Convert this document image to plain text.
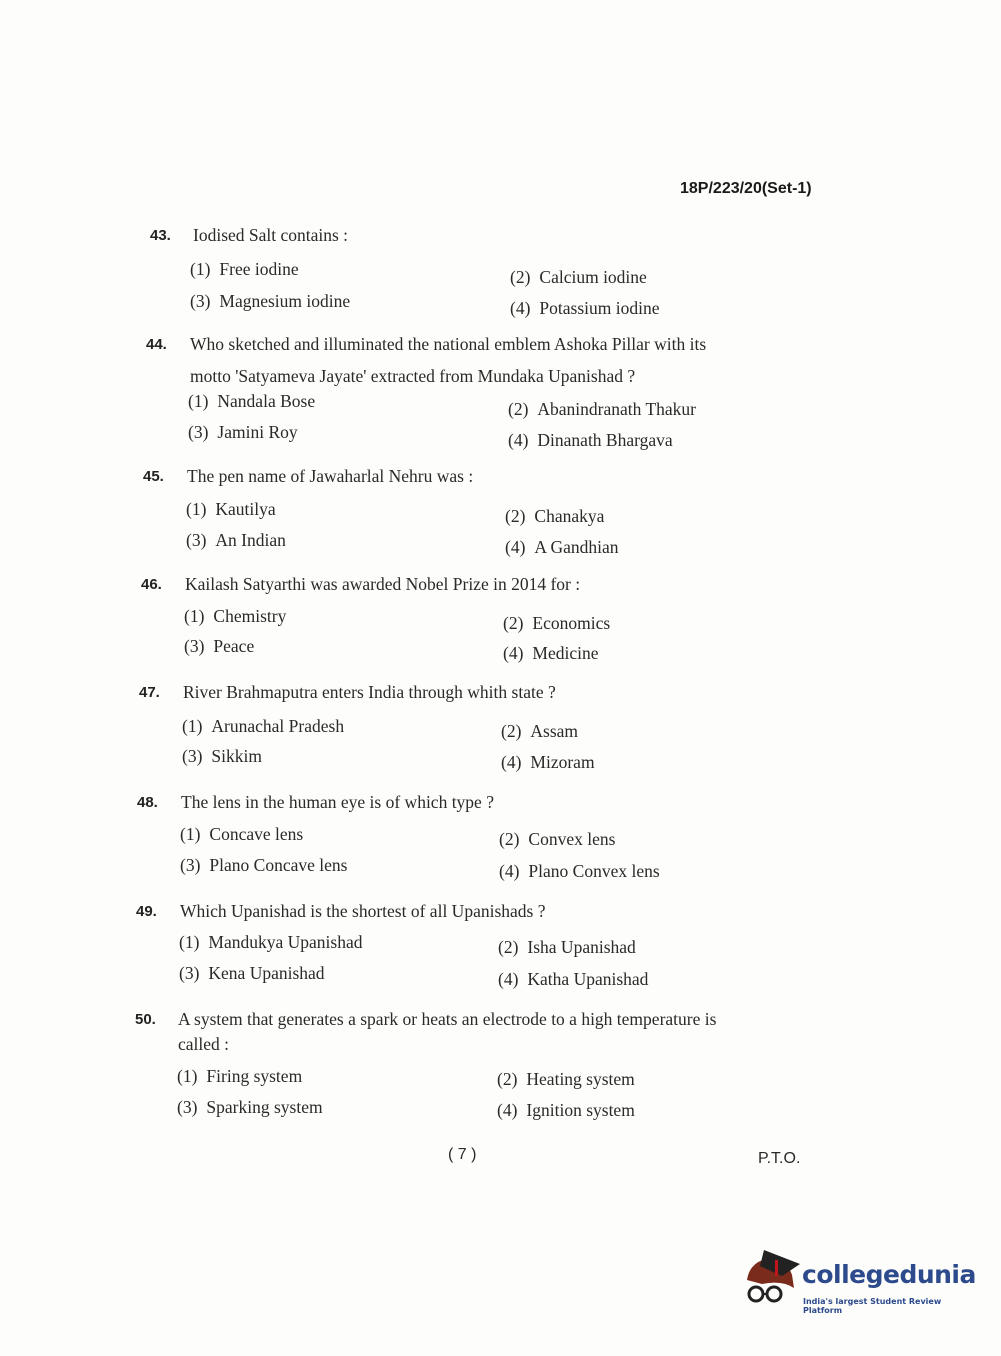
18P/223/20(Set-1)
43. Iodised Salt contains :
(1) Free iodine	(2) Calcium iodine
(3) Magnesium iodine	(4) Potassium iodine
44. Who sketched and illuminated the national emblem Ashoka Pillar with its
motto 'Satyameva Jayate' extracted from Mundaka Upanishad ?
(1) Nandala Bose	(2) Abanindranath Thakur
(3) Jamini Roy	(4) Dinanath Bhargava
45. The pen name of Jawaharlal Nehru was :
(1) Kautilya	(2) Chanakya
(3) An Indian	(4) A Gandhian
46. Kailash Satyarthi was awarded Nobel Prize in 2014 for :
(1) Chemistry	(2) Economics
(3) Peace	(4) Medicine
47. River Brahmaputra enters India through whith state ?
(1) Arunachal Pradesh	(2) Assam
(3) Sikkim	(4) Mizoram
48. The lens in the human eye is of which type ?
(1) Concave lens	(2) Convex lens
(3) Plano Concave lens	(4) Plano Convex lens
49. Which Upanishad is the shortest of all Upanishads ?
(1) Mandukya Upanishad	(2) Isha Upanishad
(3) Kena Upanishad	(4) Katha Upanishad
50. A system that generates a spark or heats an electrode to a high temperature is
called :
(1) Firing system	(2) Heating system
(3) Sparking system	(4) Ignition system
( 7 )	P.T.O.
collegedunia
India's largest Student Review Platform
